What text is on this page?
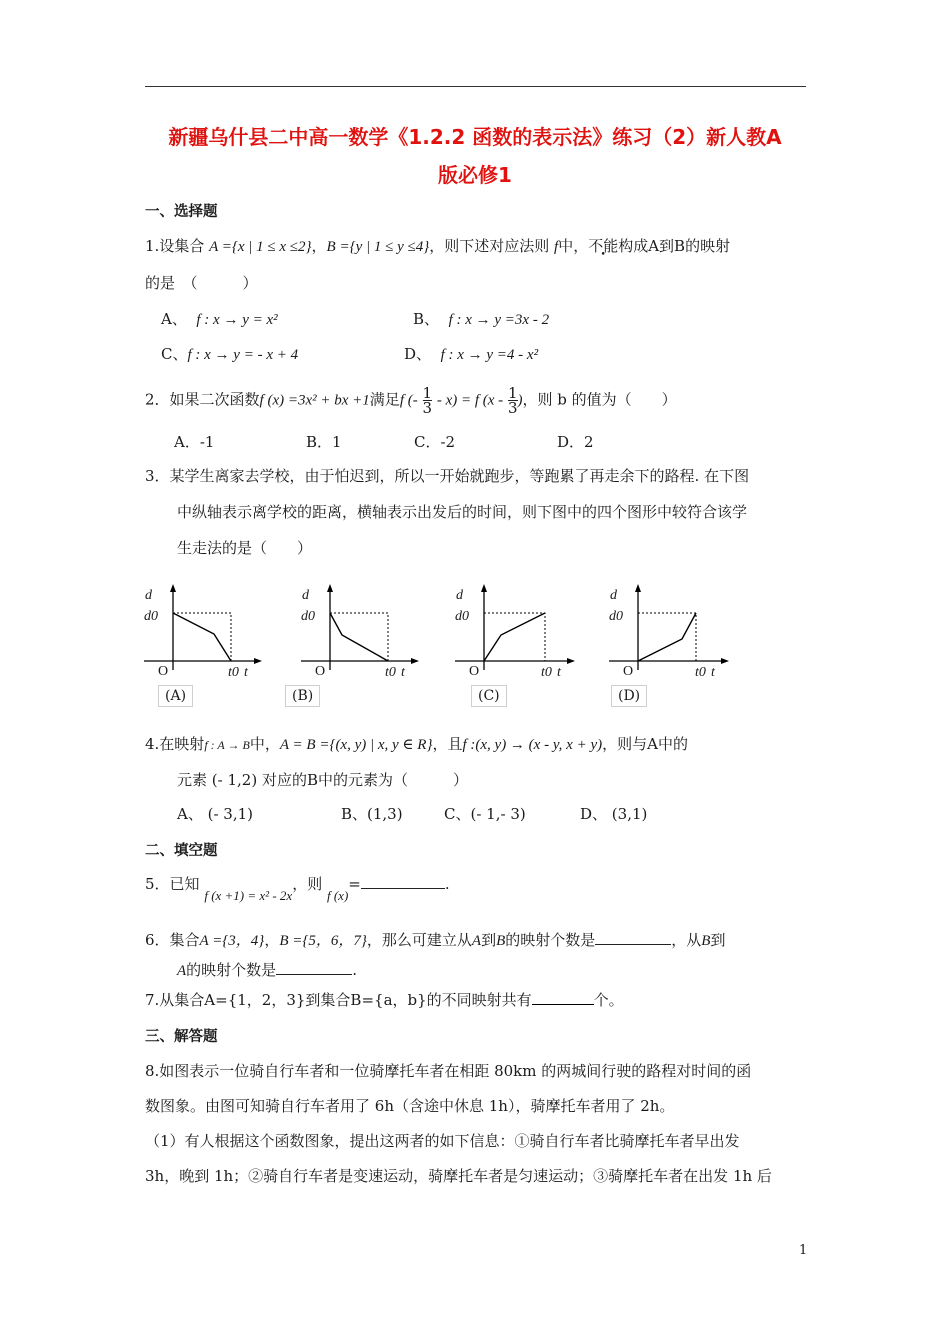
新疆乌什县二中高一数学《1.2.2 函数的表示法》练习（2）新人教A
版必修1
一、选择题
1.设集合 A ={x | 1 ≤ x ≤2}，B ={y | 1 ≤ y ≤4}，则下述对应法则 f中，不能构成A到B的映射
的是　（　　　）
A、 f : x → y = x²	B、 f : x → y =3x - 2
C、f : x → y = - x + 4	D、 f : x → y =4 - x²
2．如果二次函数f (x) =3x² + bx +1满足f (- $\frac{1}{3} - x) = f$ ($x - \frac{1}{3}$ )，则 b 的值为（　　）
A．-1	B．1	C．-2	D．2
3．某学生离家去学校，由于怕迟到，所以一开始就跑步，等跑累了再走余下的路程. 在下图
中纵轴表示离学校的距离，横轴表示出发后的时间，则下图中的四个图形中较符合该学
生走法的是（　　）
d
d0
O	t0 t
(A)
d
d0
O	t0 t
(B)
d
d0
O	t0 t
(C)
d
d0
O	t0 t
(D)
4.在映射f : A → B中，A = B ={(x, y) | x, y ∈ R}，且f :(x, y) → (x - y, x + y)，则与A中的
元素 (- 1,2) 对应的B中的元素为（　　　）
A、 (- 3,1)	B、(1,3)	C、(- 1,- 3)	D、 (3,1)
二、填空题
5．已知 f (x +1) = x² - 2x，则 f (x)=	.
6．集合A ={3，4}，B ={5，6，7}，那么可建立从A到B的映射个数是	，从B到
A的映射个数是	.
7.从集合A={1，2，3}到集合B={a，b}的不同映射共有	个。
三、解答题
8.如图表示一位骑自行车者和一位骑摩托车者在相距 80km 的两城间行驶的路程对时间的函
数图象。由图可知骑自行车者用了 6h（含途中休息 1h），骑摩托车者用了 2h。
（1）有人根据这个函数图象，提出这两者的如下信息：①骑自行车者比骑摩托车者早出发
3h，晚到 1h；②骑自行车者是变速运动，骑摩托车者是匀速运动；③骑摩托车者在出发 1h 后
1
